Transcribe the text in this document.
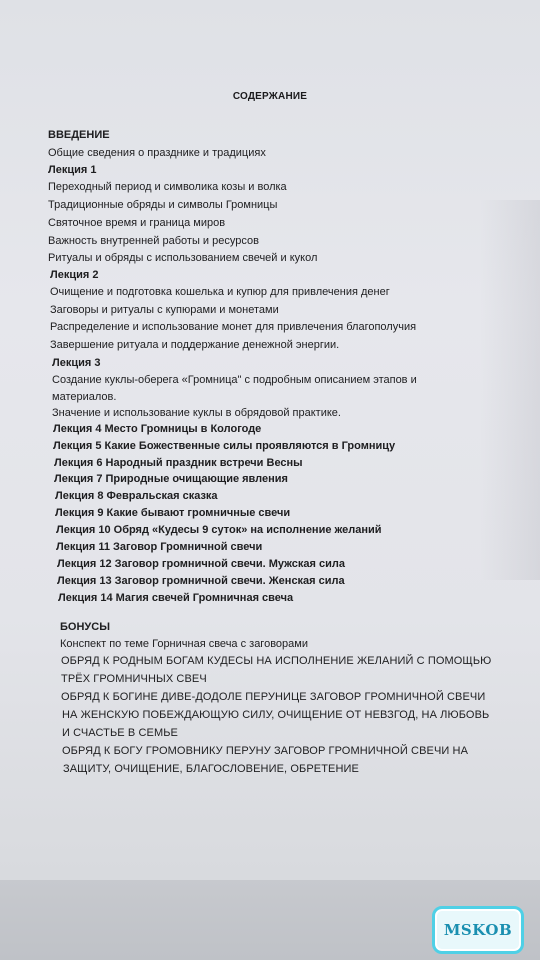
СОДЕРЖАНИЕ
ВВЕДЕНИЕ
Общие сведения о празднике и традициях
Лекция 1
Переходный период и символика козы и волка
Традиционные обряды и символы Громницы
Святочное время и граница миров
Важность внутренней работы и ресурсов
Ритуалы и обряды с использованием свечей и кукол
Лекция 2
Очищение и подготовка кошелька и купюр для привлечения денег
Заговоры и ритуалы с купюрами и монетами
Распределение и использование монет для привлечения благополучия
Завершение ритуала и поддержание денежной энергии.
Лекция 3
Создание куклы-оберега «Громница" с подробным описанием этапов и
материалов.
Значение и использование куклы в обрядовой практике.
Лекция 4 Место Громницы в Кологоде
Лекция 5 Какие Божественные силы проявляются в Громницу
Лекция 6 Народный праздник встречи Весны
Лекция 7 Природные очищающие явления
Лекция 8 Февральская сказка
Лекция 9 Какие бывают громничные свечи
Лекция 10 Обряд «Кудесы 9 суток» на исполнение желаний
Лекция 11 Заговор Громничной свечи
Лекция 12 Заговор громничной свечи. Мужская сила
Лекция 13 Заговор громничной свечи. Женская сила
Лекция 14 Магия свечей Громничная свеча
БОНУСЫ
Конспект по теме Горничная свеча с заговорами
ОБРЯД К РОДНЫМ БОГАМ КУДЕСЫ НА ИСПОЛНЕНИЕ ЖЕЛАНИЙ С ПОМОЩЬЮ
ТРЁХ ГРОМНИЧНЫХ СВЕЧ
ОБРЯД К БОГИНЕ ДИВЕ-ДОДОЛЕ ПЕРУНИЦЕ ЗАГОВОР ГРОМНИЧНОЙ СВЕЧИ
НА ЖЕНСКУЮ ПОБЕЖДАЮЩУЮ СИЛУ, ОЧИЩЕНИЕ ОТ НЕВЗГОД, НА ЛЮБОВЬ
И СЧАСТЬЕ В СЕМЬЕ
ОБРЯД К БОГУ ГРОМОВНИКУ ПЕРУНУ ЗАГОВОР ГРОМНИЧНОЙ СВЕЧИ НА
ЗАЩИТУ, ОЧИЩЕНИЕ, БЛАГОСЛОВЕНИЕ, ОБРЕТЕНИЕ
MSKOB
